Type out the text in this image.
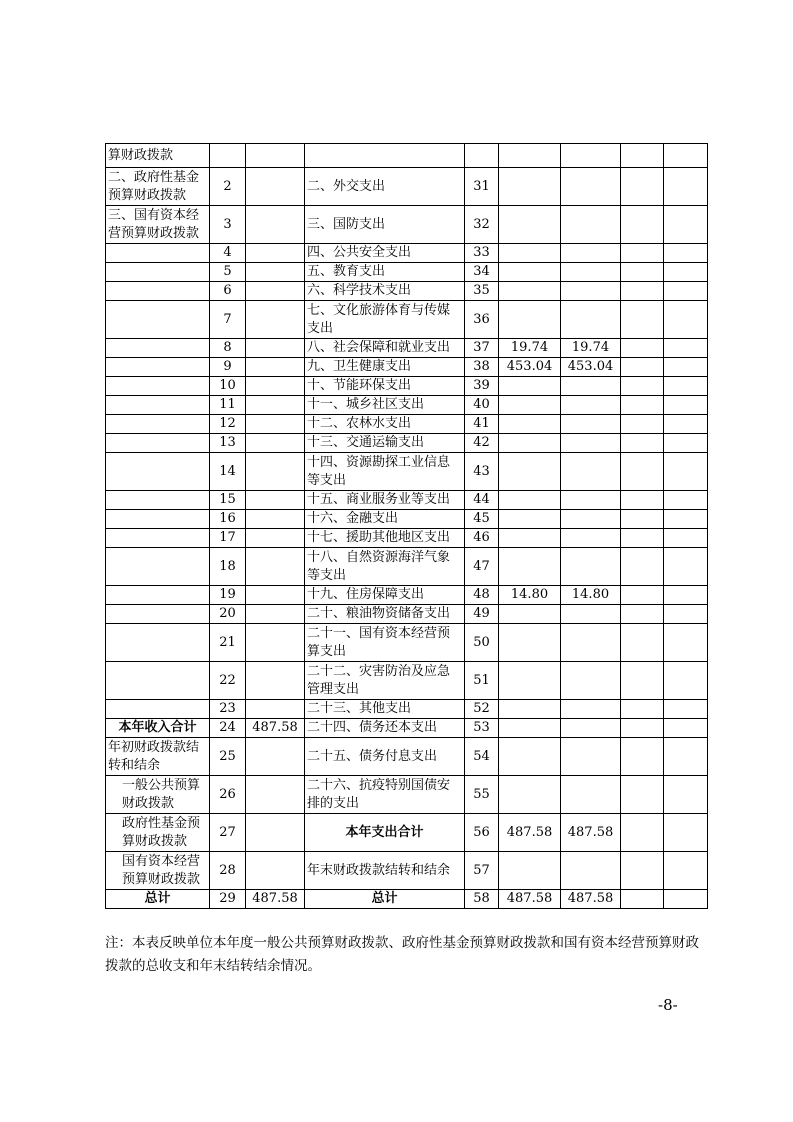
算财政拨款								
二、政府性基金预算财政拨款	2		二、外交支出	31				
三、国有资本经营预算财政拨款	3		三、国防支出	32				
	4		四、公共安全支出	33				
	5		五、教育支出	34				
	6		六、科学技术支出	35				
	7		七、文化旅游体育与传媒支出	36				
	8		八、社会保障和就业支出	37	19.74	19.74		
	9		九、卫生健康支出	38	453.04	453.04		
	10		十、节能环保支出	39				
	11		十一、城乡社区支出	40				
	12		十二、农林水支出	41				
	13		十三、交通运输支出	42				
	14		十四、资源勘探工业信息等支出	43				
	15		十五、商业服务业等支出	44				
	16		十六、金融支出	45				
	17		十七、援助其他地区支出	46				
	18		十八、自然资源海洋气象等支出	47				
	19		十九、住房保障支出	48	14.80	14.80		
	20		二十、粮油物资储备支出	49				
	21		二十一、国有资本经营预算支出	50				
	22		二十二、灾害防治及应急管理支出	51				
	23		二十三、其他支出	52				
本年收入合计	24	487.58	二十四、债务还本支出	53				
年初财政拨款结转和结余	25		二十五、债务付息支出	54				
一般公共预算财政拨款	26		二十六、抗疫特别国债安排的支出	55				
政府性基金预算财政拨款	27		本年支出合计	56	487.58	487.58		
国有资本经营预算财政拨款	28		年末财政拨款结转和结余	57				
总计	29	487.58	总计	58	487.58	487.58		
注：本表反映单位本年度一般公共预算财政拨款、政府性基金预算财政拨款和国有资本经营预算财政拨款的总收支和年末结转结余情况。
-8-
